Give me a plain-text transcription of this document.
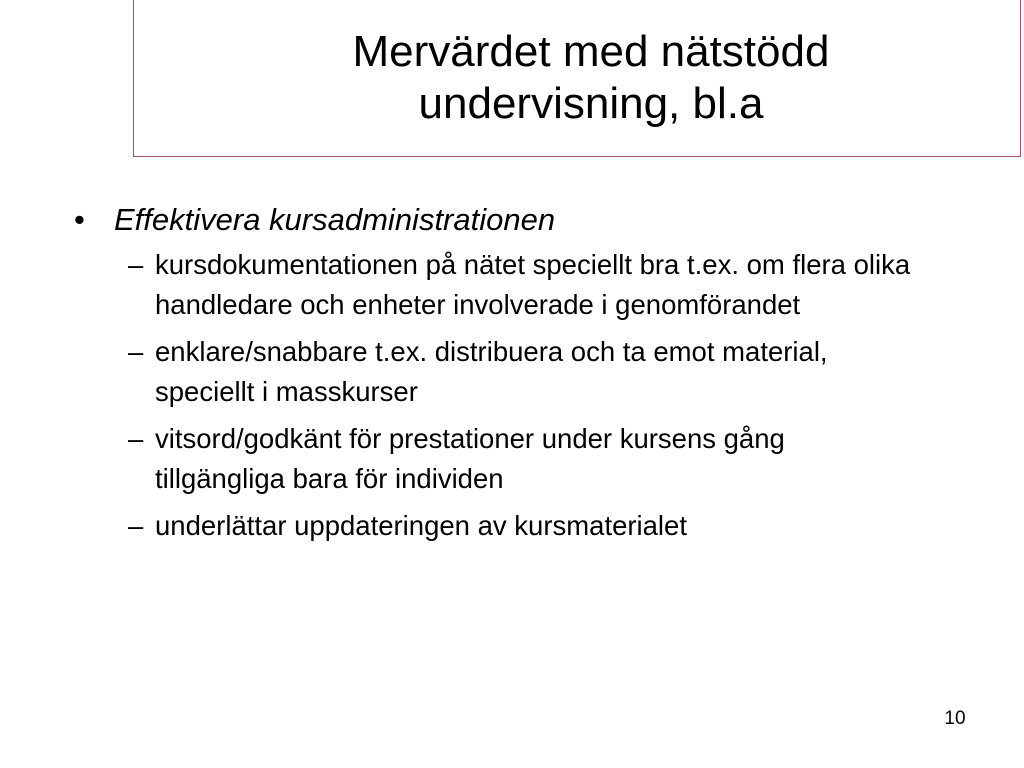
Mervärdet med nätstödd
undervisning, bl.a
• Effektivera kursadministrationen
– kursdokumentationen på nätet speciellt bra t.ex. om flera olika handledare och enheter involverade i genomförandet
– enklare/snabbare t.ex. distribuera och ta emot material, speciellt i masskurser
– vitsord/godkänt för prestationer under kursens gång tillgängliga bara för individen
– underlättar uppdateringen av kursmaterialet
10
